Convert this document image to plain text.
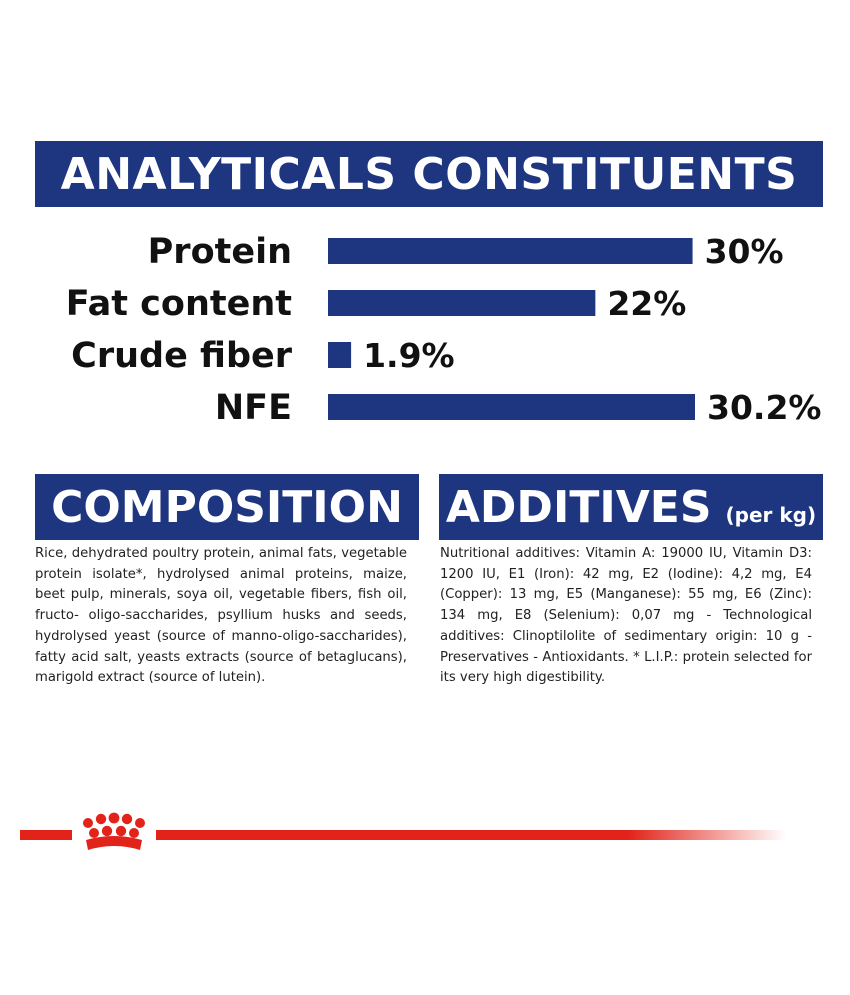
ANALYTICALS CONSTITUENTS
Protein	30%
Fat content	22%
Crude fiber 1.9%
NFE	30.2%
COMPOSITION

Rice, dehydrated poultry protein, animal fats, vegetable protein isolate*, hydrolysed animal proteins, maize, beet pulp, minerals, soya oil, vegetable fibers, fish oil, fructo- oligo-saccharides, psyllium husks and seeds, hydrolysed yeast (source of manno-oligo-saccharides), fatty acid salt, yeasts extracts (source of betaglucans), marigold extract (source of lutein).

ADDITIVES (per kg)

Nutritional additives: Vitamin A: 19000 IU, Vitamin D3: 1200 IU, E1 (Iron): 42 mg, E2 (Iodine): 4,2 mg, E4 (Copper): 13 mg, E5 (Manganese): 55 mg, E6 (Zinc): 134 mg, E8 (Selenium): 0,07 mg - Technological additives: Clinoptilolite of sedimentary origin: 10 g - Preservatives - Antioxidants. * L.I.P.: protein selected for its very high digestibility.
